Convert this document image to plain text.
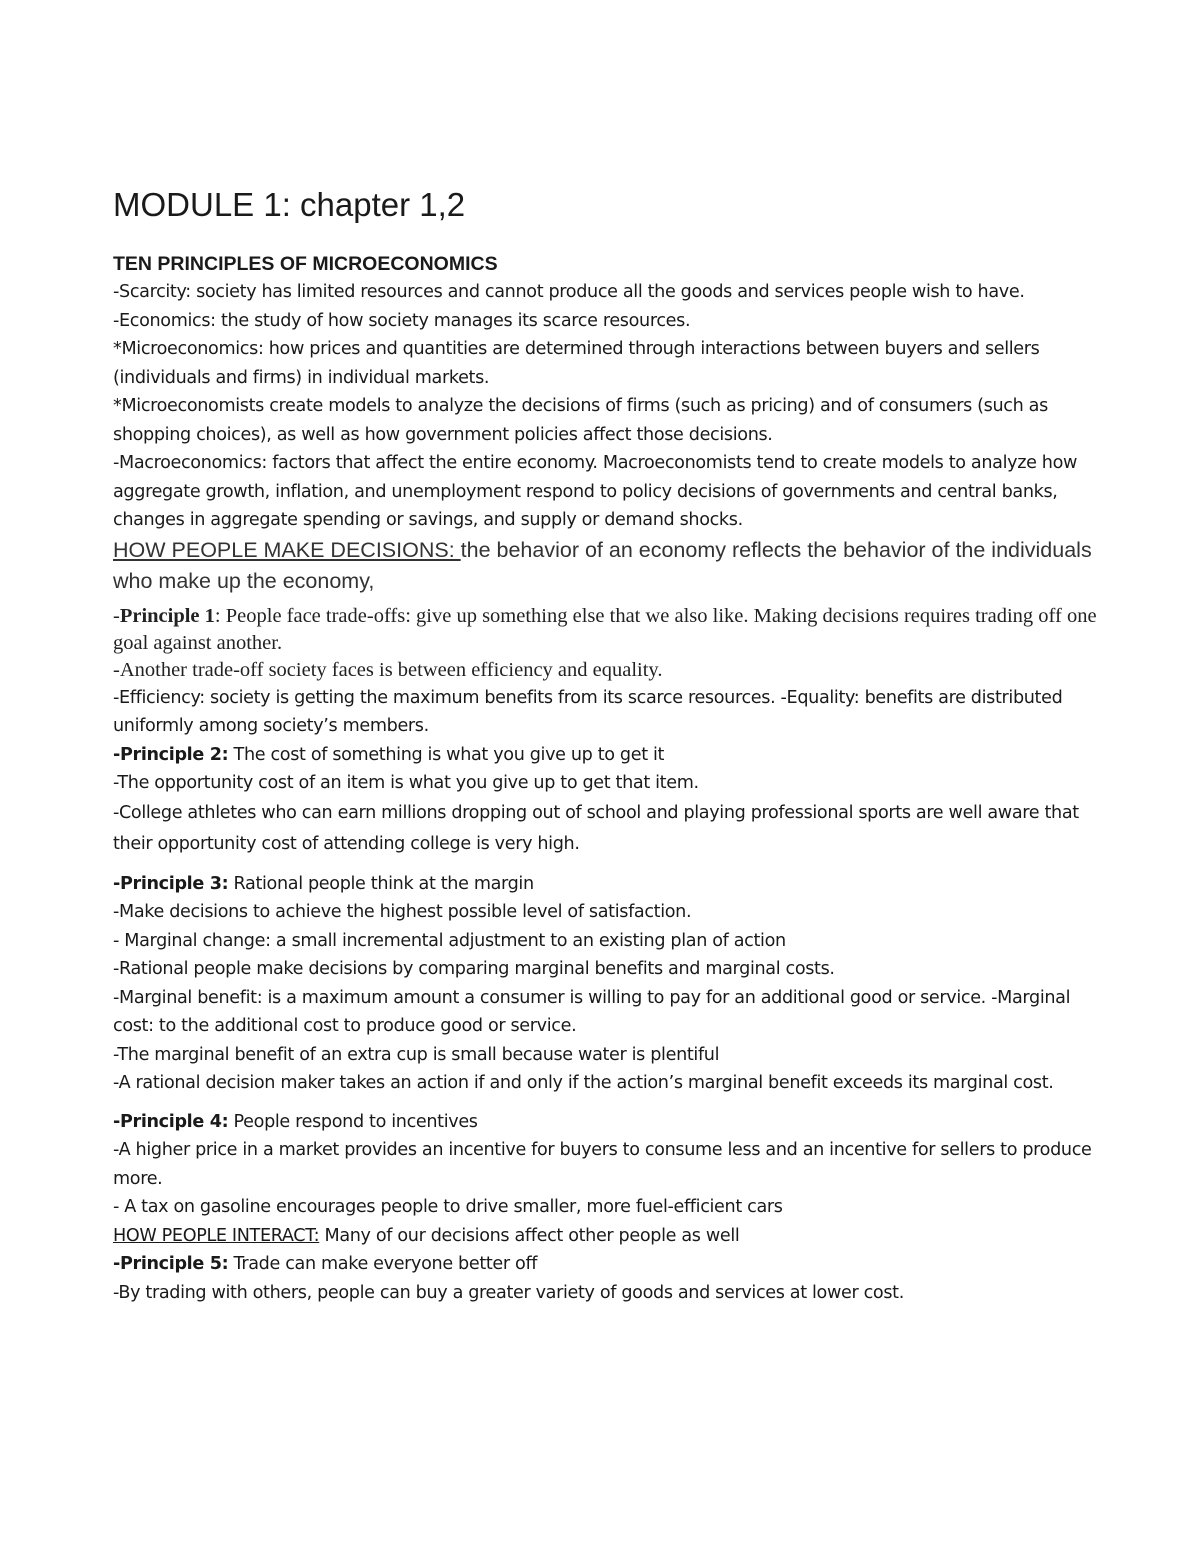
MODULE 1: chapter 1,2
TEN PRINCIPLES OF MICROECONOMICS

-Scarcity: society has limited resources and cannot produce all the goods and services people wish to have.

-Economics: the study of how society manages its scarce resources.

*Microeconomics: how prices and quantities are determined through interactions between buyers and sellers (individuals and firms) in individual markets.

*Microeconomists create models to analyze the decisions of firms (such as pricing) and of consumers (such as shopping choices), as well as how government policies affect those decisions.

-Macroeconomics: factors that affect the entire economy. Macroeconomists tend to create models to analyze how aggregate growth, inflation, and unemployment respond to policy decisions of governments and central banks, changes in aggregate spending or savings, and supply or demand shocks.

HOW PEOPLE MAKE DECISIONS: the behavior of an economy reflects the behavior of the individuals who make up the economy,

-Principle 1: People face trade-offs: give up something else that we also like. Making decisions requires trading off one goal against another.

-Another trade-off society faces is between efficiency and equality.

-Efficiency: society is getting the maximum benefits from its scarce resources. -Equality: benefits are distributed uniformly among society’s members.

-Principle 2: The cost of something is what you give up to get it

-The opportunity cost of an item is what you give up to get that item.

-College athletes who can earn millions dropping out of school and playing professional sports are well aware that their opportunity cost of attending college is very high.

-Principle 3: Rational people think at the margin

-Make decisions to achieve the highest possible level of satisfaction.

- Marginal change: a small incremental adjustment to an existing plan of action

-Rational people make decisions by comparing marginal benefits and marginal costs.

-Marginal benefit: is a maximum amount a consumer is willing to pay for an additional good or service. -Marginal cost: to the additional cost to produce good or service.

-The marginal benefit of an extra cup is small because water is plentiful

-A rational decision maker takes an action if and only if the action’s marginal benefit exceeds its marginal cost.

-Principle 4: People respond to incentives

-A higher price in a market provides an incentive for buyers to consume less and an incentive for sellers to produce more.

- A tax on gasoline encourages people to drive smaller, more fuel-efficient cars

HOW PEOPLE INTERACT: Many of our decisions affect other people as well

-Principle 5: Trade can make everyone better off

-By trading with others, people can buy a greater variety of goods and services at lower cost.
